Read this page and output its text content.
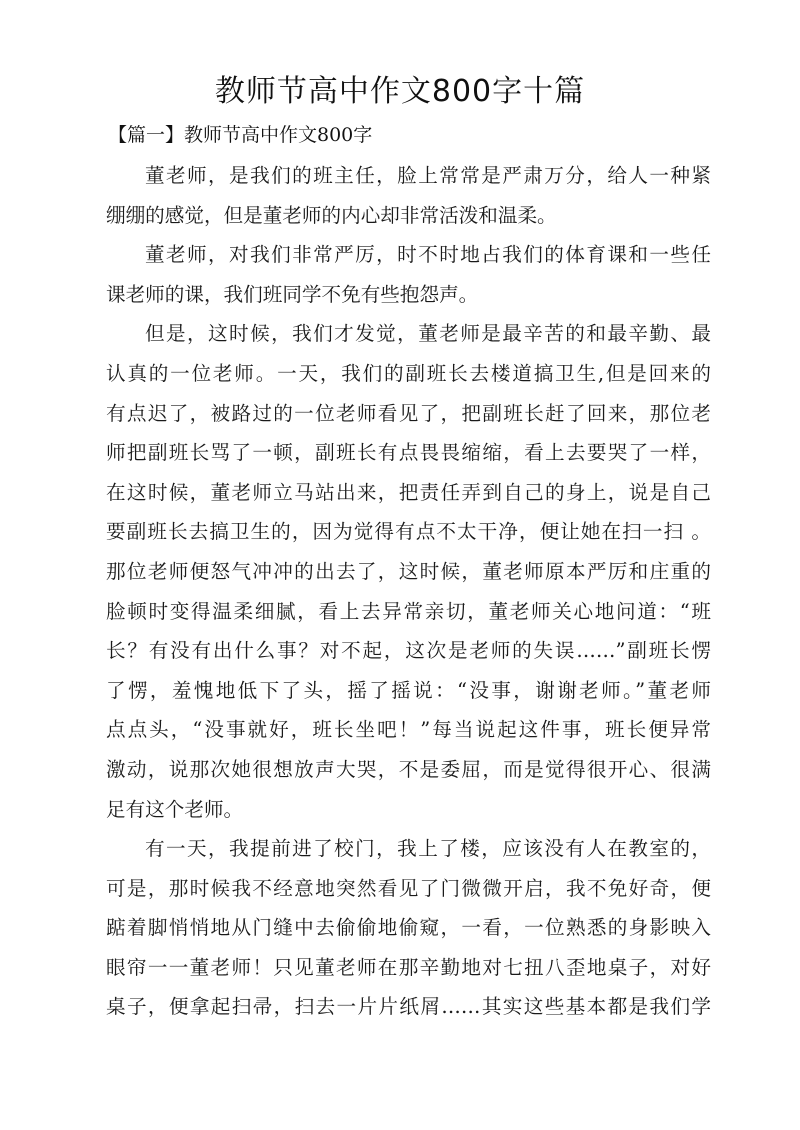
教师节高中作文800字十篇
【篇一】教师节高中作文800字
董老师，是我们的班主任，脸上常常是严肃万分，给人一种紧
绷绷的感觉，但是董老师的内心却非常活泼和温柔。
董老师，对我们非常严厉，时不时地占我们的体育课和一些任
课老师的课，我们班同学不免有些抱怨声。
但是，这时候，我们才发觉，董老师是最辛苦的和最辛勤、最
认真的一位老师。一天，我们的副班长去楼道搞卫生,但是回来的
有点迟了，被路过的一位老师看见了，把副班长赶了回来，那位老
师把副班长骂了一顿，副班长有点畏畏缩缩，看上去要哭了一样，
在这时候，董老师立马站出来，把责任弄到自己的身上，说是自己
要副班长去搞卫生的，因为觉得有点不太干净，便让她在扫一扫 。
那位老师便怒气冲冲的出去了，这时候，董老师原本严厉和庄重的
脸顿时变得温柔细腻，看上去异常亲切，董老师关心地问道：“班
长？有没有出什么事？对不起，这次是老师的失误……”副班长愣
了愣，羞愧地低下了头，摇了摇说：“没事，谢谢老师。”董老师
点点头，“没事就好，班长坐吧！”每当说起这件事，班长便异常
激动，说那次她很想放声大哭，不是委屈，而是觉得很开心、很满
足有这个老师。
有一天，我提前进了校门，我上了楼，应该没有人在教室的，
可是，那时候我不经意地突然看见了门微微开启，我不免好奇，便
踮着脚悄悄地从门缝中去偷偷地偷窥，一看，一位熟悉的身影映入
眼帘一一董老师！只见董老师在那辛勤地对七扭八歪地桌子，对好
桌子，便拿起扫帚，扫去一片片纸屑……其实这些基本都是我们学
